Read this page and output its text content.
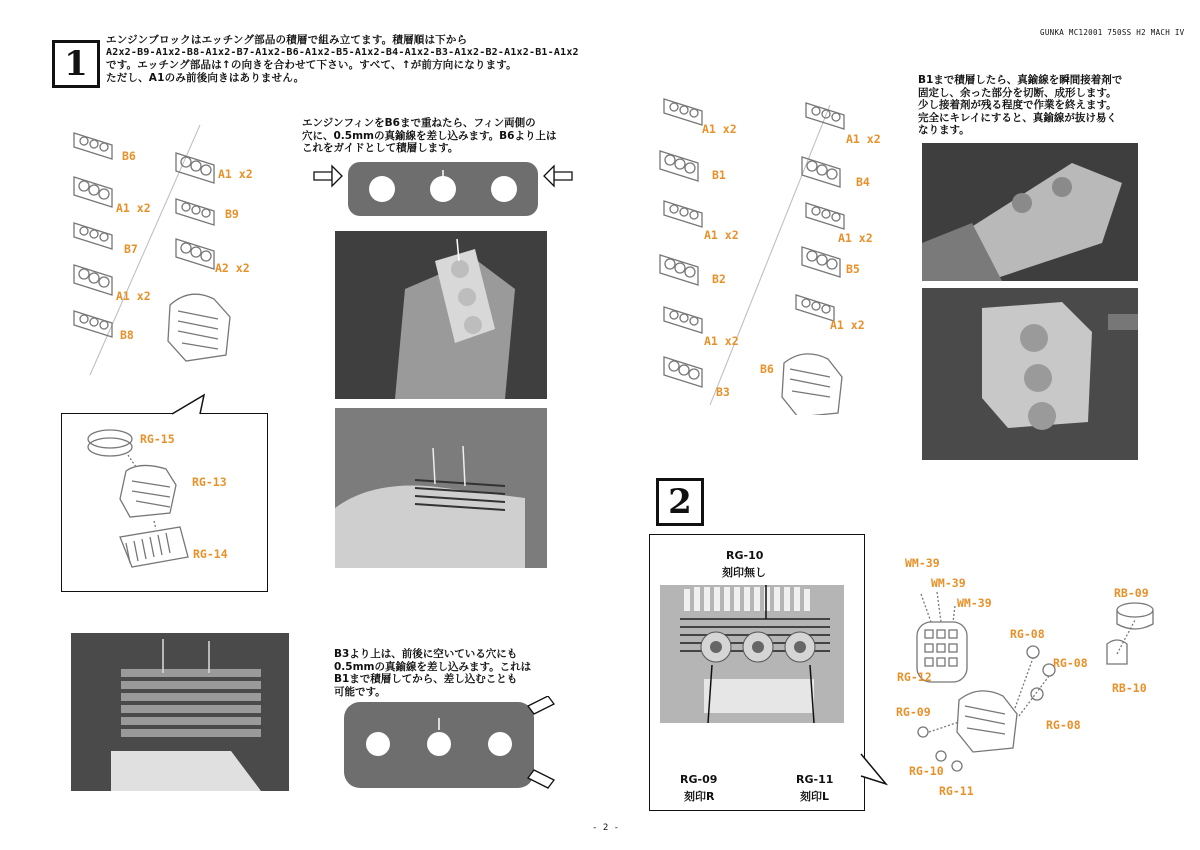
GUNKA MC12001 750SS H2 MACH IV
1
エンジンブロックはエッチング部品の積層で組み立てます。積層順は下から
A2x2-B9-A1x2-B8-A1x2-B7-A1x2-B6-A1x2-B5-A1x2-B4-A1x2-B3-A1x2-B2-A1x2-B1-A1x2
です。エッチング部品は↑の向きを合わせて下さい。すべて、↑が前方向になります。
ただし、A1のみ前後向きはありません。
B6
A1 x2
B7
A1 x2
B8
A1 x2
B9
A2 x2
RG-15
RG-13
RG-14
エンジンフィンをB6まで重ねたら、フィン両側の
穴に、0.5mmの真鍮線を差し込みます。B6より上は
これをガイドとして積層します。
B3より上は、前後に空いている穴にも
0.5mmの真鍮線を差し込みます。これは
B1まで積層してから、差し込むことも
可能です。
A1 x2
B1
A1 x2
B2
A1 x2
B3
A1 x2
B4
A1 x2
B5
A1 x2
B6
B1まで積層したら、真鍮線を瞬間接着剤で
固定し、余った部分を切断、成形します。
少し接着剤が残る程度で作業を終えます。
完全にキレイにすると、真鍮線が抜け易く
なります。
2
RG-10
刻印無し
RG-09
刻印R
RG-11
刻印L
WM-39
WM-39
WM-39
RB-09
RG-08
RG-08
RG-12
RB-10
RG-09
RG-08
RG-10
RG-11
- 2 -
